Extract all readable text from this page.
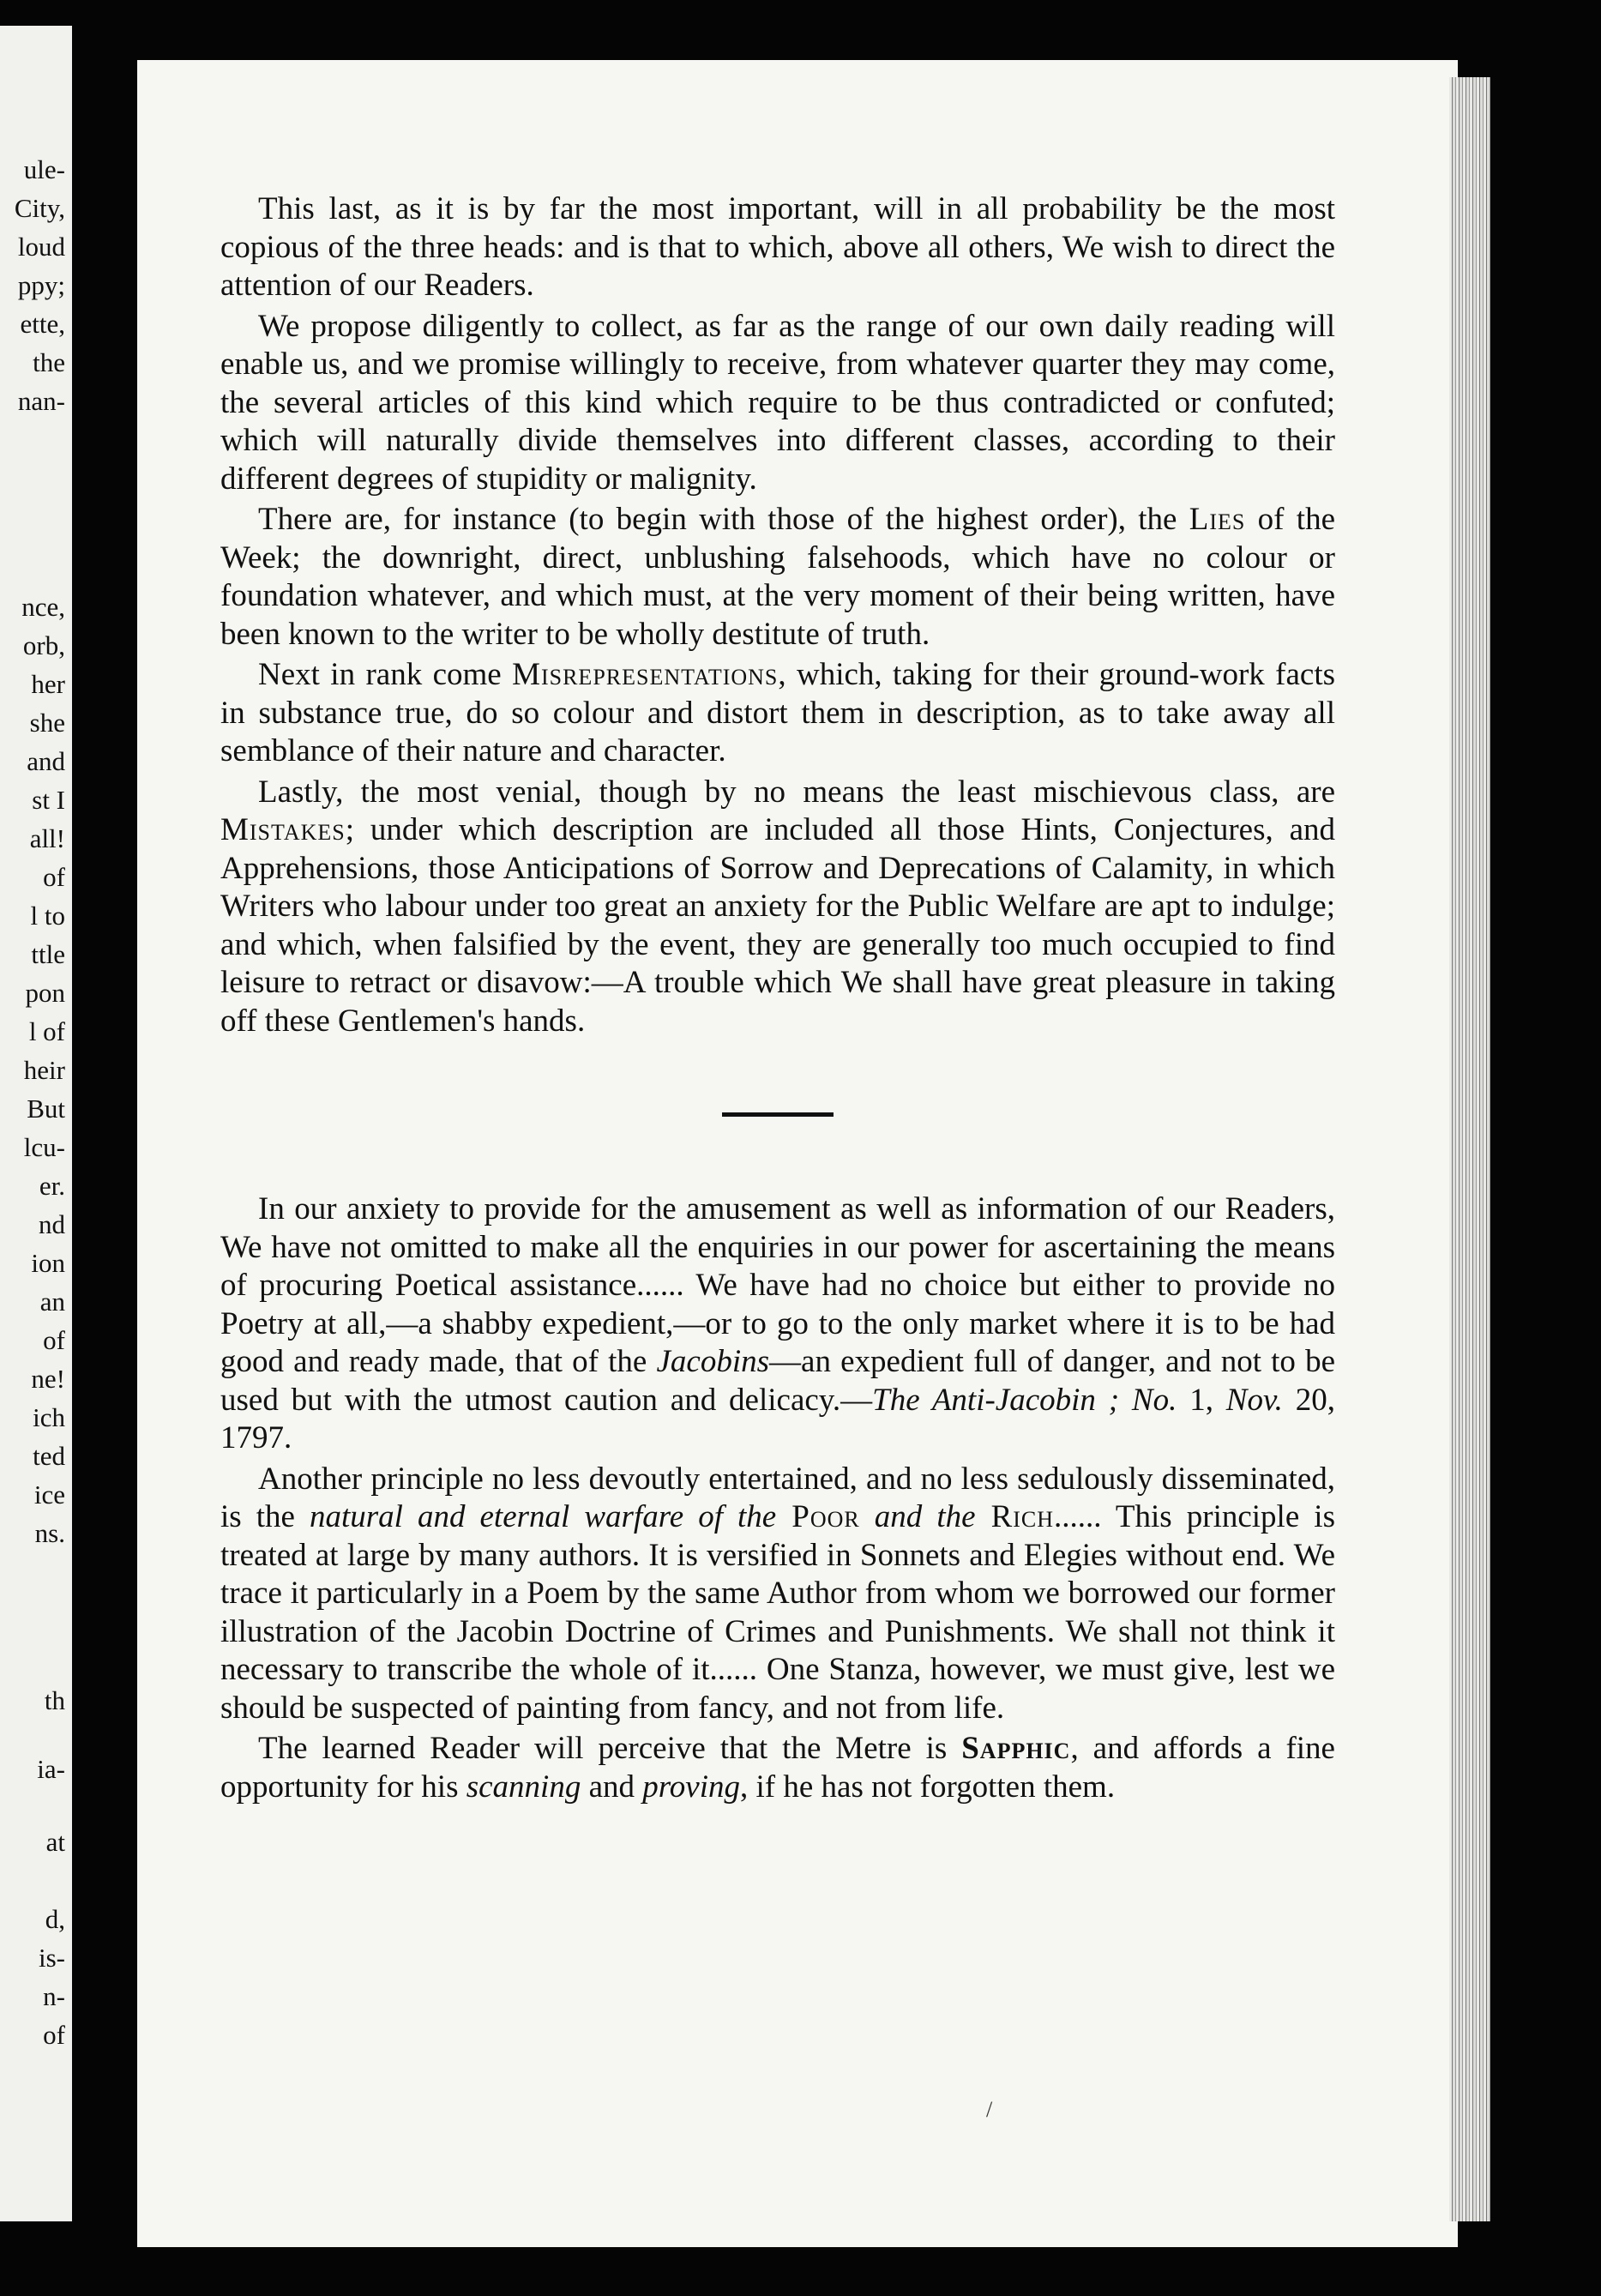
ule-
City,
loud
ppy;
ette,
the
nan-
nce,
orb,
her
she
and
st I
all!
of
l to
ttle
pon
l of
heir
But
lcu-
er.
nd
ion
an
of
ne!
ich
ted
ice
ns.
th
ia-
at
d,
is-
n-
of

This last, as it is by far the most important, will in all probability be the most copious of the three heads: and is that to which, above all others, We wish to direct the attention of our Readers.

We propose diligently to collect, as far as the range of our own daily reading will enable us, and we promise willingly to receive, from whatever quarter they may come, the several articles of this kind which require to be thus contradicted or confuted; which will naturally divide themselves into different classes, according to their different degrees of stupidity or malignity.

There are, for instance (to begin with those of the highest order), the Lies of the Week; the downright, direct, unblushing falsehoods, which have no colour or foundation whatever, and which must, at the very moment of their being written, have been known to the writer to be wholly destitute of truth.

Next in rank come Misrepresentations, which, taking for their ground-work facts in substance true, do so colour and distort them in description, as to take away all semblance of their nature and character.

Lastly, the most venial, though by no means the least mischievous class, are Mistakes; under which description are included all those Hints, Conjectures, and Apprehensions, those Anticipations of Sorrow and Deprecations of Calamity, in which Writers who labour under too great an anxiety for the Public Welfare are apt to indulge; and which, when falsified by the event, they are generally too much occupied to find leisure to retract or disavow:—A trouble which We shall have great pleasure in taking off these Gentlemen's hands.

In our anxiety to provide for the amusement as well as information of our Readers, We have not omitted to make all the enquiries in our power for ascertaining the means of procuring Poetical assistance...... We have had no choice but either to provide no Poetry at all,—a shabby expedient,—or to go to the only market where it is to be had good and ready made, that of the Jacobins—an expedient full of danger, and not to be used but with the utmost caution and delicacy.—The Anti-Jacobin ; No. 1, Nov. 20, 1797.

Another principle no less devoutly entertained, and no less sedulously disseminated, is the natural and eternal warfare of the Poor and the Rich...... This principle is treated at large by many authors. It is versified in Sonnets and Elegies without end. We trace it particularly in a Poem by the same Author from whom we borrowed our former illustration of the Jacobin Doctrine of Crimes and Punishments. We shall not think it necessary to transcribe the whole of it...... One Stanza, however, we must give, lest we should be suspected of painting from fancy, and not from life.

The learned Reader will perceive that the Metre is Sapphic, and affords a fine opportunity for his scanning and proving, if he has not forgotten them.

/
